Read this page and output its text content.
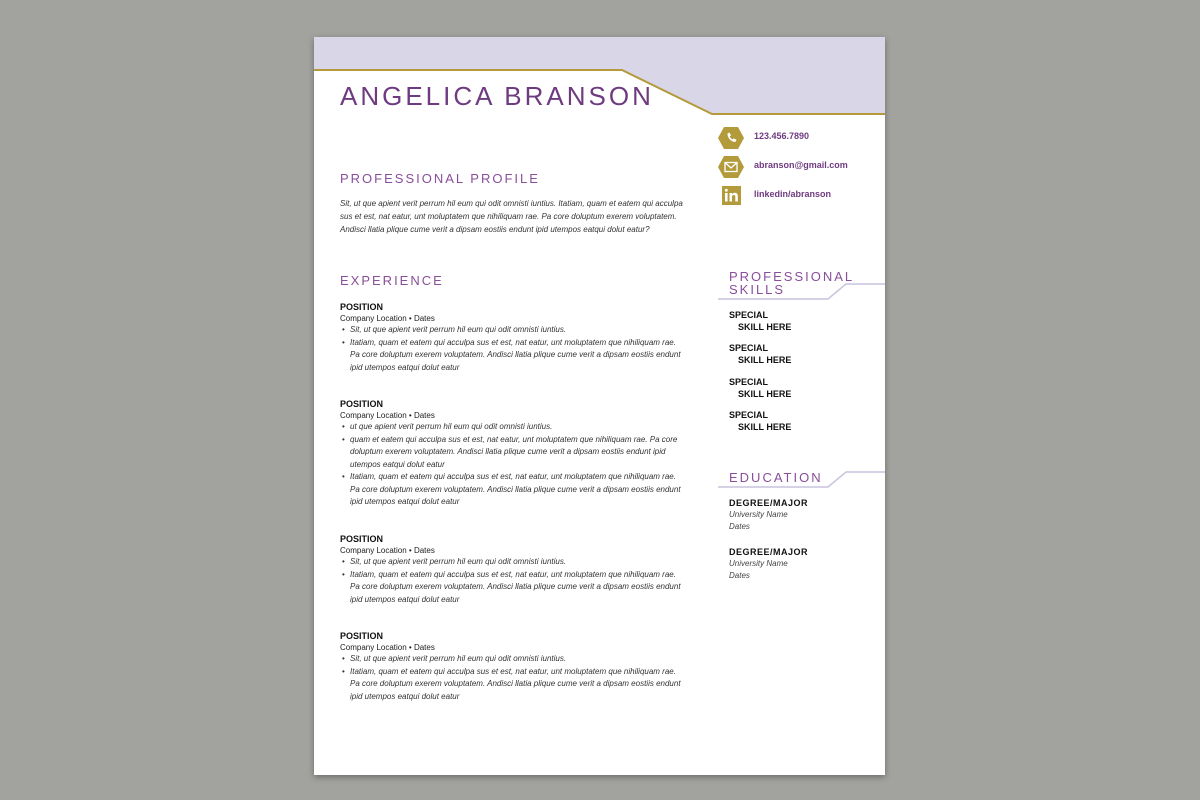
ANGELICA BRANSON
123.456.7890
abranson@gmail.com
linkedin/abranson
PROFESSIONAL PROFILE
Sit, ut que apient verit perrum hil eum qui odit omnisti iuntius. Itatiam, quam et eatem qui acculpa sus et est, nat eatur, unt moluptatem que nihiliquam rae. Pa core doluptum exerem voluptatem. Andisci llatia plique cume verit a dipsam eostiis endunt ipid utempos eatqui dolut eatur?
EXPERIENCE
POSITION
Company Location • Dates
• Sit, ut que apient verit perrum hil eum qui odit omnisti iuntius.
• Itatiam, quam et eatem qui acculpa sus et est, nat eatur, unt moluptatem que nihiliquam rae. Pa core doluptum exerem voluptatem. Andisci llatia plique cume verit a dipsam eostiis endunt ipid utempos eatqui dolut eatur
POSITION
Company Location • Dates
• ut que apient verit perrum hil eum qui odit omnisti iuntius.
• quam et eatem qui acculpa sus et est, nat eatur, unt moluptatem que nihiliquam rae. Pa core doluptum exerem voluptatem. Andisci llatia plique cume verit a dipsam eostiis endunt ipid utempos eatqui dolut eatur
• Itatiam, quam et eatem qui acculpa sus et est, nat eatur, unt moluptatem que nihiliquam rae. Pa core doluptum exerem voluptatem. Andisci llatia plique cume verit a dipsam eostiis endunt ipid utempos eatqui dolut eatur
POSITION
Company Location • Dates
• Sit, ut que apient verit perrum hil eum qui odit omnisti iuntius.
• Itatiam, quam et eatem qui acculpa sus et est, nat eatur, unt moluptatem que nihiliquam rae. Pa core doluptum exerem voluptatem. Andisci llatia plique cume verit a dipsam eostiis endunt ipid utempos eatqui dolut eatur
POSITION
Company Location • Dates
• Sit, ut que apient verit perrum hil eum qui odit omnisti iuntius.
• Itatiam, quam et eatem qui acculpa sus et est, nat eatur, unt moluptatem que nihiliquam rae. Pa core doluptum exerem voluptatem. Andisci llatia plique cume verit a dipsam eostiis endunt ipid utempos eatqui dolut eatur
PROFESSIONAL
SKILLS
SPECIAL
SKILL HERE
SPECIAL
SKILL HERE
SPECIAL
SKILL HERE
SPECIAL
SKILL HERE
EDUCATION
DEGREE/MAJOR
University Name
Dates
DEGREE/MAJOR
University Name
Dates
